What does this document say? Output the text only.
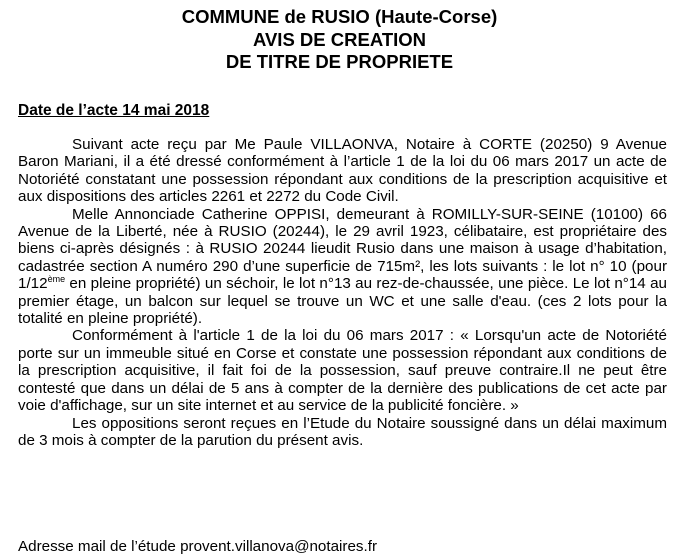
COMMUNE de RUSIO (Haute-Corse)
AVIS DE CREATION
DE TITRE DE PROPRIETE
Date de l’acte 14 mai 2018

Suivant acte reçu par Me Paule VILLAONVA, Notaire à CORTE (20250) 9 Avenue Baron Mariani, il a été dressé conformément à l’article 1 de la loi du 06 mars 2017 un acte de Notoriété constatant une possession répondant aux conditions de la prescription acquisitive et aux dispositions des articles 2261 et 2272 du Code Civil.

Melle Annonciade Catherine OPPISI, demeurant à ROMILLY-SUR-SEINE (10100) 66 Avenue de la Liberté, née à RUSIO (20244), le 29 avril 1923, célibataire, est propriétaire des biens ci-après désignés : à RUSIO 20244 lieudit Rusio dans une maison à usage d’habitation, cadastrée section A numéro 290 d’une superficie de 715m², les lots suivants : le lot n° 10 (pour 1/12ème en pleine propriété) un séchoir, le lot n°13 au rez-de-chaussée, une pièce. Le lot n°14 au premier étage, un balcon sur lequel se trouve un WC et une salle d'eau. (ces 2 lots pour la totalité en pleine propriété).

Conformément à l'article 1 de la loi du 06 mars 2017 : « Lorsqu'un acte de Notoriété porte sur un immeuble situé en Corse et constate une possession répondant aux conditions de la prescription acquisitive, il fait foi de la possession, sauf preuve contraire.Il ne peut être contesté que dans un délai de 5 ans à compter de la dernière des publications de cet acte par voie d'affichage, sur un site internet et au service de la publicité foncière. »

Les oppositions seront reçues en l’Etude du Notaire soussigné dans un délai maximum de 3 mois à compter de la parution du présent avis.

Adresse mail de l’étude provent.villanova@notaires.fr
